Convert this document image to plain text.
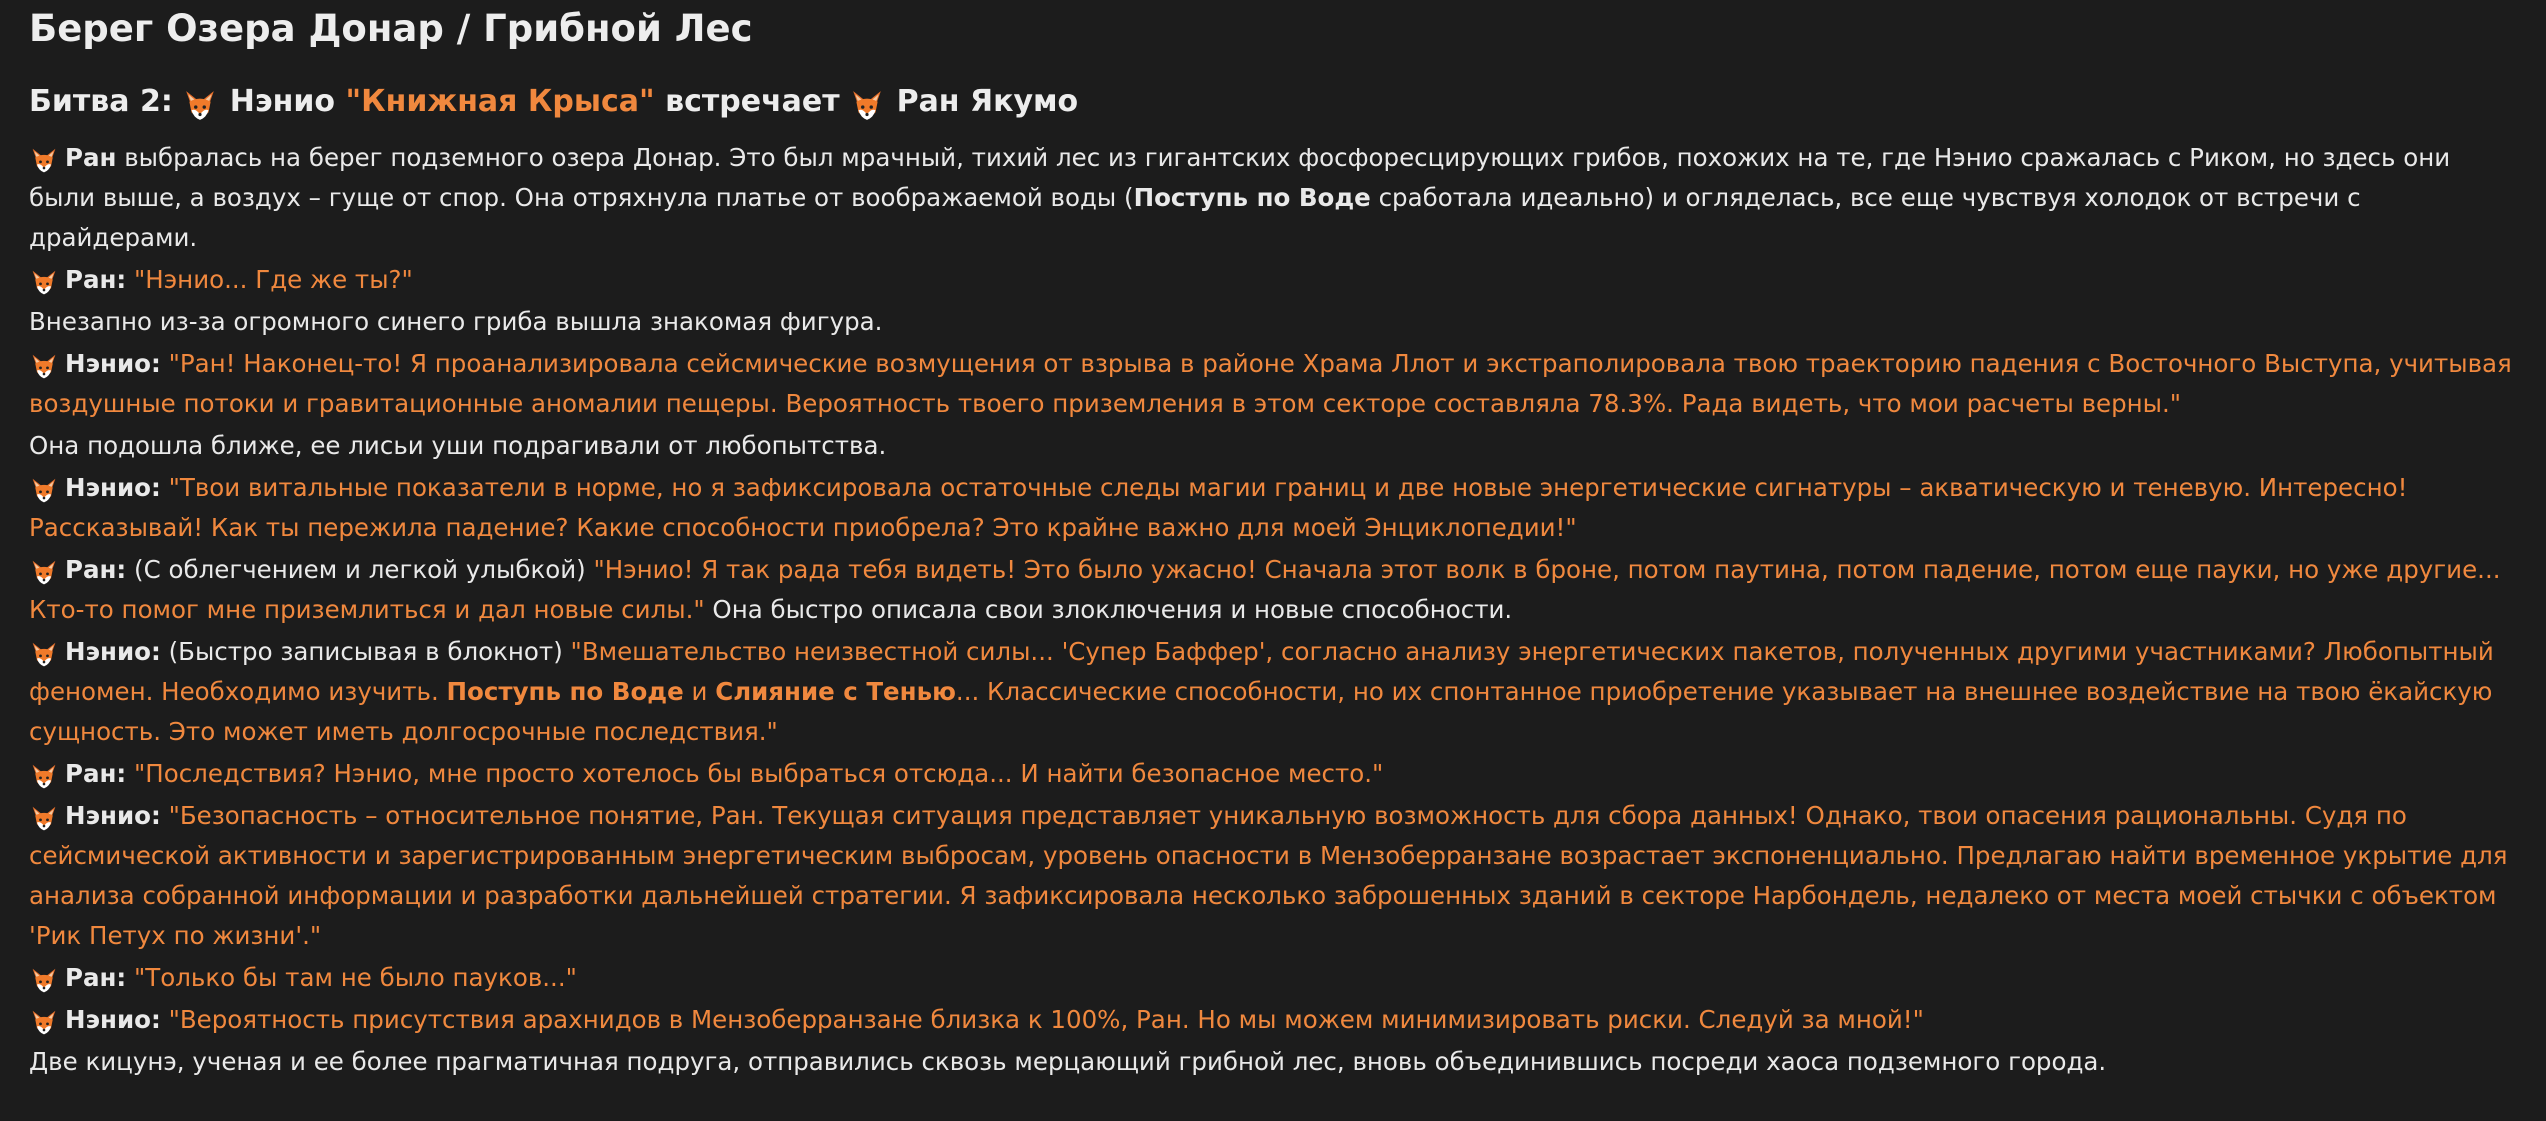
Берег Озера Донар / Грибной Лес
Битва 2: Нэнио "Книжная Крыса" встречает Ран Якумо

Ран выбралась на берег подземного озера Донар. Это был мрачный, тихий лес из гигантских фосфоресцирующих грибов, похожих на те, где Нэнио сражалась с Риком, но здесь они были выше, а воздух – гуще от спор. Она отряхнула платье от воображаемой воды (Поступь по Воде сработала идеально) и огляделась, все еще чувствуя холодок от встречи с драйдерами.

Ран: "Нэнио... Где же ты?"

Внезапно из-за огромного синего гриба вышла знакомая фигура.

Нэнио: "Ран! Наконец-то! Я проанализировала сейсмические возмущения от взрыва в районе Храма Ллот и экстраполировала твою траекторию падения с Восточного Выступа, учитывая воздушные потоки и гравитационные аномалии пещеры. Вероятность твоего приземления в этом секторе составляла 78.3%. Рада видеть, что мои расчеты верны."

Она подошла ближе, ее лисьи уши подрагивали от любопытства.

Нэнио: "Твои витальные показатели в норме, но я зафиксировала остаточные следы магии границ и две новые энергетические сигнатуры – акватическую и теневую. Интересно! Рассказывай! Как ты пережила падение? Какие способности приобрела? Это крайне важно для моей Энциклопедии!"

Ран: (С облегчением и легкой улыбкой) "Нэнио! Я так рада тебя видеть! Это было ужасно! Сначала этот волк в броне, потом паутина, потом падение, потом еще пауки, но уже другие... Кто-то помог мне приземлиться и дал новые силы." Она быстро описала свои злоключения и новые способности.

Нэнио: (Быстро записывая в блокнот) "Вмешательство неизвестной силы... 'Супер Баффер', согласно анализу энергетических пакетов, полученных другими участниками? Любопытный феномен. Необходимо изучить. Поступь по Воде и Слияние с Тенью... Классические способности, но их спонтанное приобретение указывает на внешнее воздействие на твою ёкайскую сущность. Это может иметь долгосрочные последствия."

Ран: "Последствия? Нэнио, мне просто хотелось бы выбраться отсюда... И найти безопасное место."

Нэнио: "Безопасность – относительное понятие, Ран. Текущая ситуация представляет уникальную возможность для сбора данных! Однако, твои опасения рациональны. Судя по сейсмической активности и зарегистрированным энергетическим выбросам, уровень опасности в Мензоберранзане возрастает экспоненциально. Предлагаю найти временное укрытие для анализа собранной информации и разработки дальнейшей стратегии. Я зафиксировала несколько заброшенных зданий в секторе Нарбондель, недалеко от места моей стычки с объектом 'Рик Петух по жизни'."

Ран: "Только бы там не было пауков..."

Нэнио: "Вероятность присутствия арахнидов в Мензоберранзане близка к 100%, Ран. Но мы можем минимизировать риски. Следуй за мной!"

Две кицунэ, ученая и ее более прагматичная подруга, отправились сквозь мерцающий грибной лес, вновь объединившись посреди хаоса подземного города.
